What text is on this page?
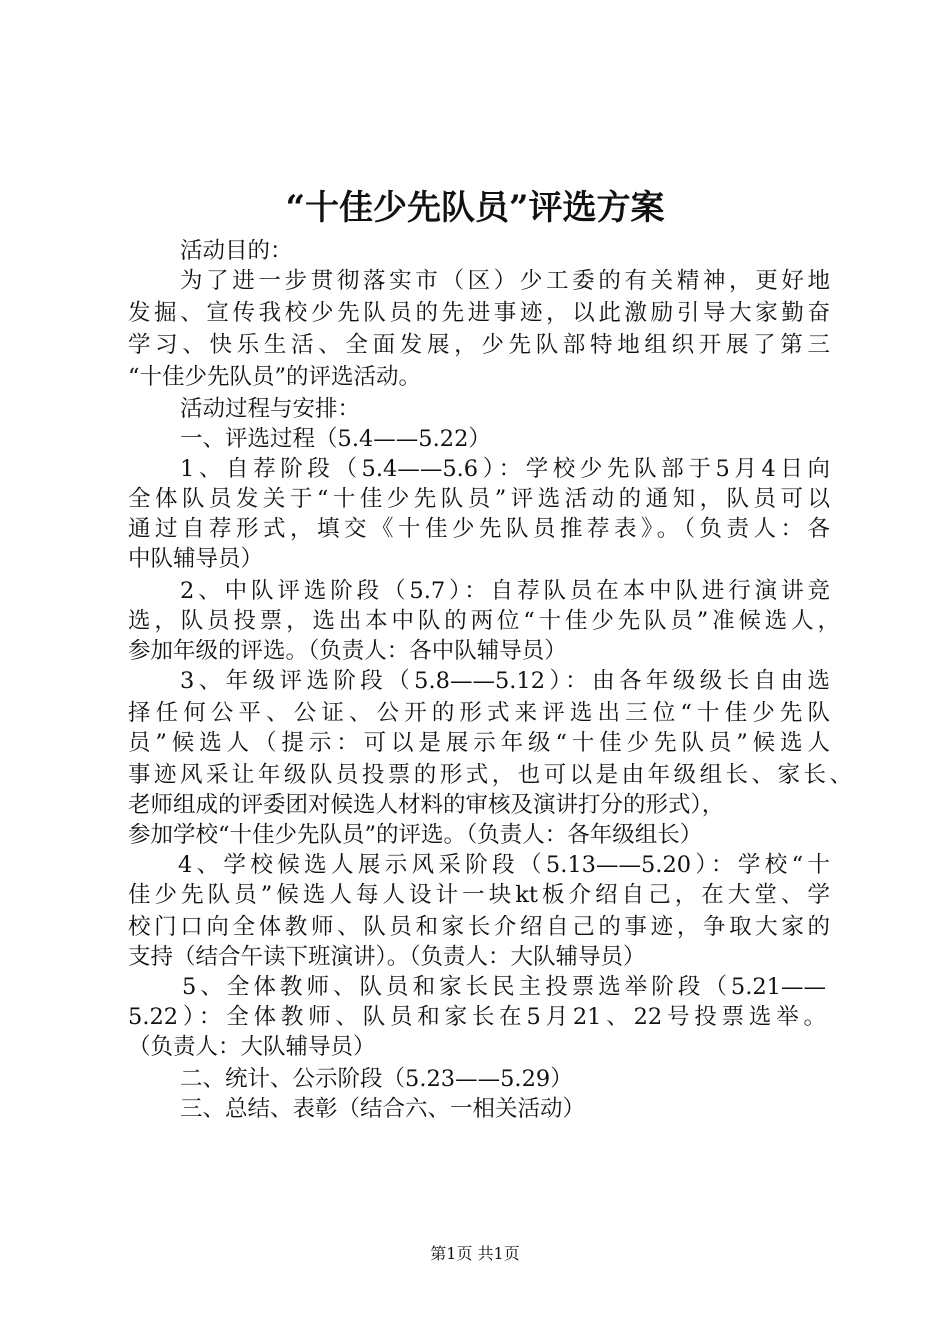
“十佳少先队员”评选方案
活动目的：
为了进一步贯彻落实市（区）少工委的有关精神，更好地
发掘、宣传我校少先队员的先进事迹，以此激励引导大家勤奋
学习、快乐生活、全面发展，少先队部特地组织开展了第三
“十佳少先队员”的评选活动。
活动过程与安排：
一、评选过程（5.4——5.22）
1、自荐阶段（5.4——5.6）：学校少先队部于5月4日向
全体队员发关于“十佳少先队员”评选活动的通知，队员可以
通过自荐形式，填交《十佳少先队员推荐表》。（负责人：各
中队辅导员）
2、中队评选阶段（5.7）：自荐队员在本中队进行演讲竞
选，队员投票，选出本中队的两位“十佳少先队员”准候选人，
参加年级的评选。（负责人：各中队辅导员）
3、年级评选阶段（5.8——5.12）：由各年级级长自由选
择任何公平、公证、公开的形式来评选出三位“十佳少先队
员”候选人（提示：可以是展示年级“十佳少先队员”候选人
事迹风采让年级队员投票的形式，也可以是由年级组长、家长、
老师组成的评委团对候选人材料的审核及演讲打分的形式），
参加学校“十佳少先队员”的评选。（负责人：各年级组长）
4、学校候选人展示风采阶段（5.13——5.20）：学校“十
佳少先队员”候选人每人设计一块kt板介绍自己，在大堂、学
校门口向全体教师、队员和家长介绍自己的事迹，争取大家的
支持（结合午读下班演讲）。（负责人：大队辅导员）
5、全体教师、队员和家长民主投票选举阶段（5.21——
5.22）：全体教师、队员和家长在5月21、22号投票选举。
（负责人：大队辅导员）
二、统计、公示阶段（5.23——5.29）
三、总结、表彰（结合六、一相关活动）
第1页 共1页
